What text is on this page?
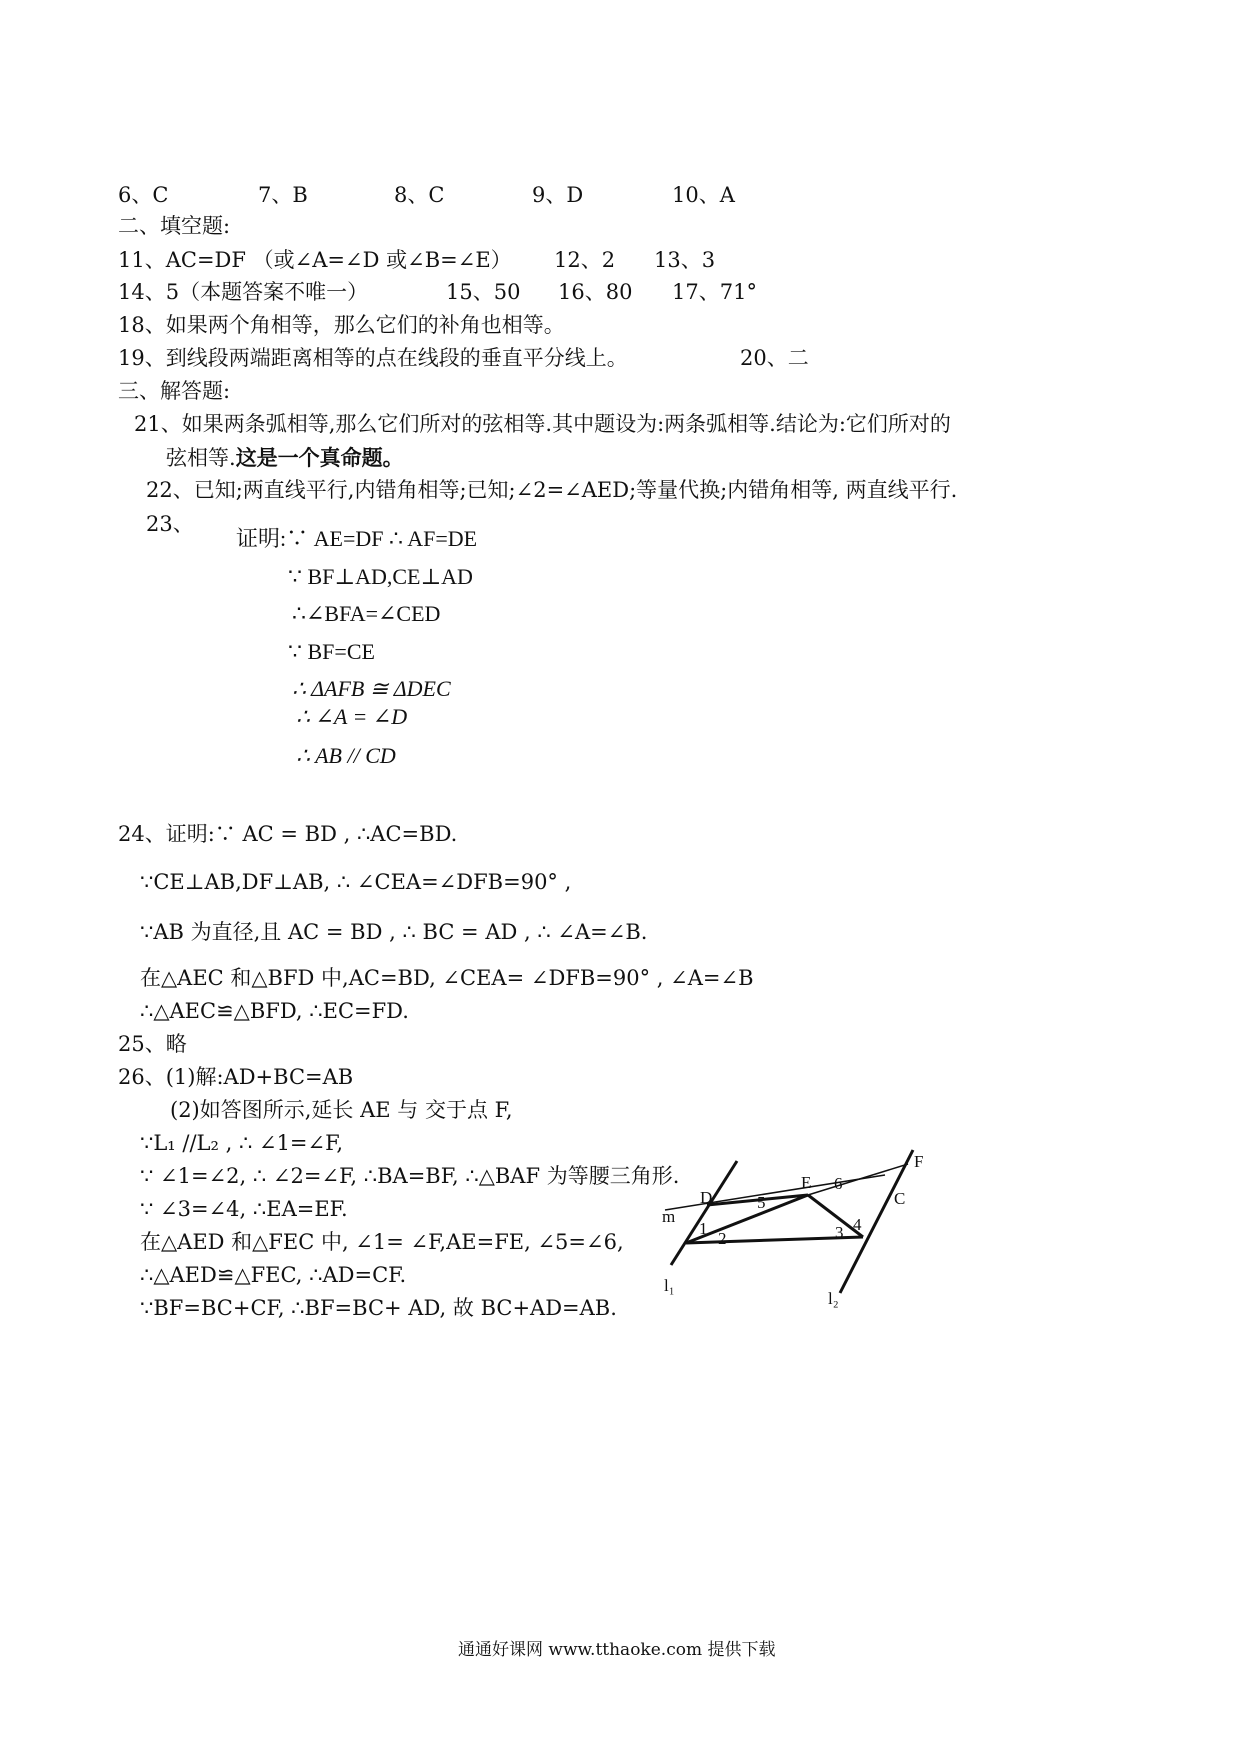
6、C	7、B	8、C	9、D	10、A
二、填空题:
11、AC=DF （或∠A=∠D 或∠B=∠E） 12、2 13、3
14、5（本题答案不唯一）	15、50 16、80 17、71°
18、如果两个角相等，那么它们的补角也相等。
19、到线段两端距离相等的点在线段的垂直平分线上。	20、二
三、解答题:
21、如果两条弧相等,那么它们所对的弦相等.其中题设为:两条弧相等.结论为:它们所对的
弦相等.这是一个真命题。
22、已知;两直线平行,内错角相等;已知;∠2=∠AED;等量代换;内错角相等, 两直线平行.
23、
证明:∵ AE=DF ∴ AF=DE
∵ BF⊥AD,CE⊥AD
∴∠BFA=∠CED
∵ BF=CE
∴ ΔAFB ≅ ΔDEC
∴ ∠A = ∠D
∴ AB // CD
24、证明:∵ AC = BD , ∴AC=BD.
∵CE⊥AB,DF⊥AB, ∴ ∠CEA=∠DFB=90° ,
∵AB 为直径,且 AC = BD , ∴ BC = AD , ∴ ∠A=∠B.
在△AEC 和△BFD 中,AC=BD, ∠CEA= ∠DFB=90° , ∠A=∠B
∴△AEC≌△BFD, ∴EC=FD.
25、略
26、(1)解:AD+BC=AB
(2)如答图所示,延长 AE 与 交于点 F,
∵L₁ //L₂ , ∴ ∠1=∠F,
∵ ∠1=∠2, ∴ ∠2=∠F, ∴BA=BF, ∴△BAF 为等腰三角形.
∵ ∠3=∠4, ∴EA=EF.
在△AED 和△FEC 中, ∠1= ∠F,AE=FE, ∠5=∠6,
∴△AED≌△FEC, ∴AD=CF.
∵BF=BC+CF, ∴BF=BC+ AD, 故 BC+AD=AB.
F
E
C
D
m
1
2	3 4
5
6
l₁
l₂
通通好课网 www.tthaoke.com 提供下载
